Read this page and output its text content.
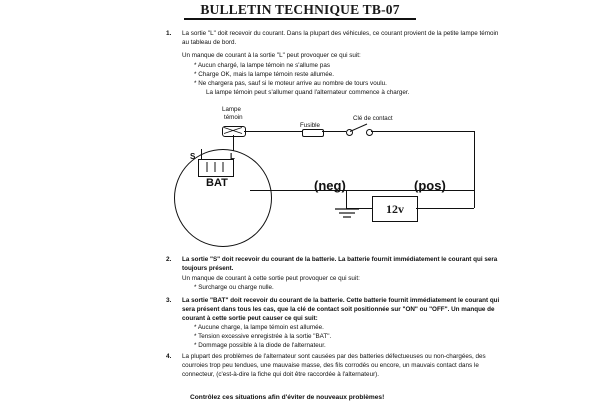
BULLETIN TECHNIQUE TB-07
1. La sortie "L" doit recevoir du courant. Dans la plupart des véhicules, ce courant provient de la petite lampe témoin au tableau de bord.
Un manque de courant à la sortie "L" peut provoquer ce qui suit:
* Aucun chargé, la lampe témoin ne s'allume pas
* Charge OK, mais la lampe témoin reste allumée.
* Ne chargera pas, sauf si le moteur arrive au nombre de tours voulu.
La lampe témoin peut s'allumer quand l'alternateur commence à charger.
Lampe
témoin
Fusible
Clé de contact
S	L
BAT	(neg)	(pos)
12v
2. La sortie "S" doit recevoir du courant de la batterie. La batterie fournit immédiatement le courant qui sera toujours présent.
Un manque de courant à cette sortie peut provoquer ce qui suit:
* Surcharge ou charge nulle.
3. La sortie "BAT" doit recevoir du courant de la batterie. Cette batterie fournit immédiatement le courant qui sera présent dans tous les cas, que la clé de contact soit positionnée sur "ON" ou "OFF". Un manque de courant à cette sortie peut causer ce qui suit:
* Aucune charge, la lampe témoin est allumée.
* Tension excessive enregistrée à la sortie "BAT".
* Dommage possible à la diode de l'alternateur.
4. La plupart des problèmes de l'alternateur sont causées par des batteries défectueuses ou non-chargées, des courroies trop peu tendues, une mauvaise masse, des fils corrodés ou encore, un mauvais contact dans le connecteur, (c'est-à-dire la fiche qui doit être raccordée à l'alternateur).
Contrôlez ces situations afin d'éviter de nouveaux problèmes!
